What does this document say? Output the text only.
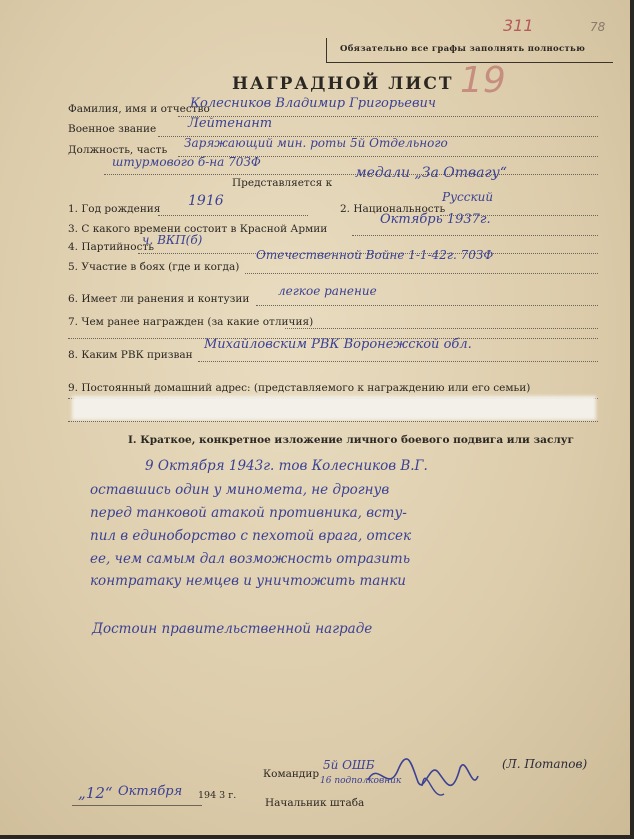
311	78
19
Обязательно все графы заполнять полностью
НАГРАДНОЙ ЛИСТ
Фамилия, имя и отчество
Колесников Владимир Григорьевич
Военное звание Лейтенант
Должность, часть Заряжающий мин. роты 5й Отдельного
штурмового б-на 70ЗФ
Представляется к
медали „За Отвагу“
1. Год рождения 1916	2. Национальность
Русский
3. С какого времени состоит в Красной Армии
Октябрь 1937г.
4. Партийность
ч. ВКП(б)
5. Участие в боях (где и когда)
Отечественной Войне 1-1-42г. 70ЗФ
6. Имеет ли ранения и контузии
легкое ранение
7. Чем ранее награжден (за какие отличия)
8. Каким РВК призван
Михайловским РВК Воронежской обл.
9. Постоянный домашний адрес: (представляемого к награждению или его семьи)
I. Краткое, конкретное изложение личного боевого подвига или заслуг
9 Октября 1943г. тов Колесников В.Г.
оставшись один у миномета, не дрогнув
перед танковой атакой противника, всту-
пил в единоборство с пехотой врага, отсек
ее, чем самым дал возможность отразить
контратаку немцев и уничтожить танки
Достоин правительственной награде
Командир
5й ОШБ
16 подполковник
Начальник штаба
„12“ Октября 194 3 г.
(Л. Потапов)
